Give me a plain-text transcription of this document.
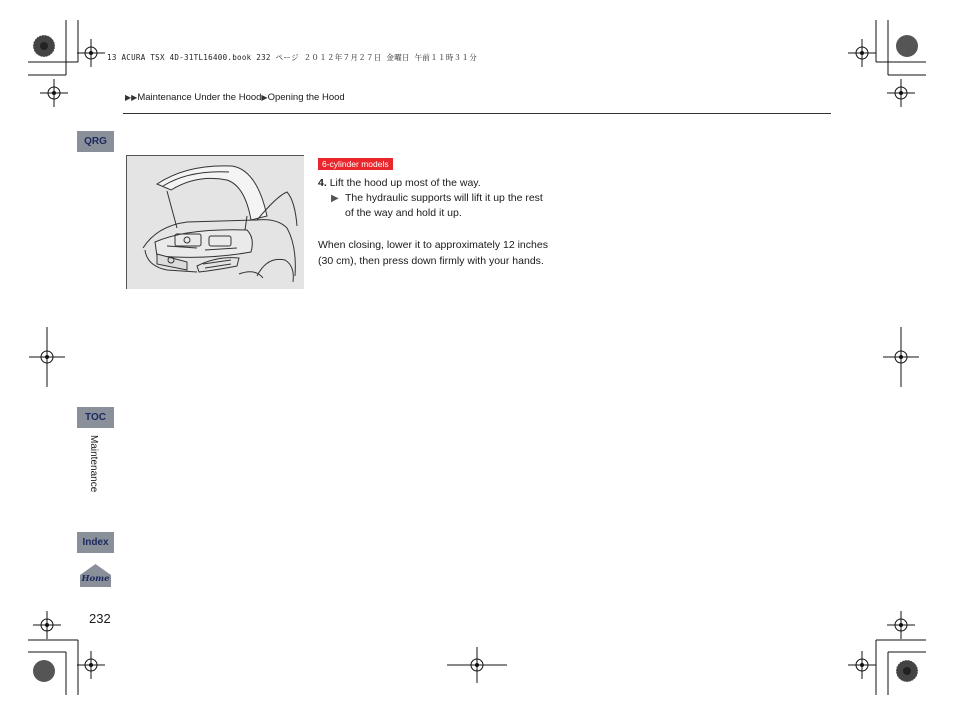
13 ACURA TSX 4D-31TL16400.book 232 ページ ２０１２年７月２７日 金曜日 午前１１時３１分
▶▶Maintenance Under the Hood▶Opening the Hood
QRG
TOC
Maintenance
Index
Home
232
6-cylinder models
4. Lift the hood up most of the way.
▶ The hydraulic supports will lift it up the rest of the way and hold it up.
When closing, lower it to approximately 12 inches (30 cm), then press down firmly with your hands.
